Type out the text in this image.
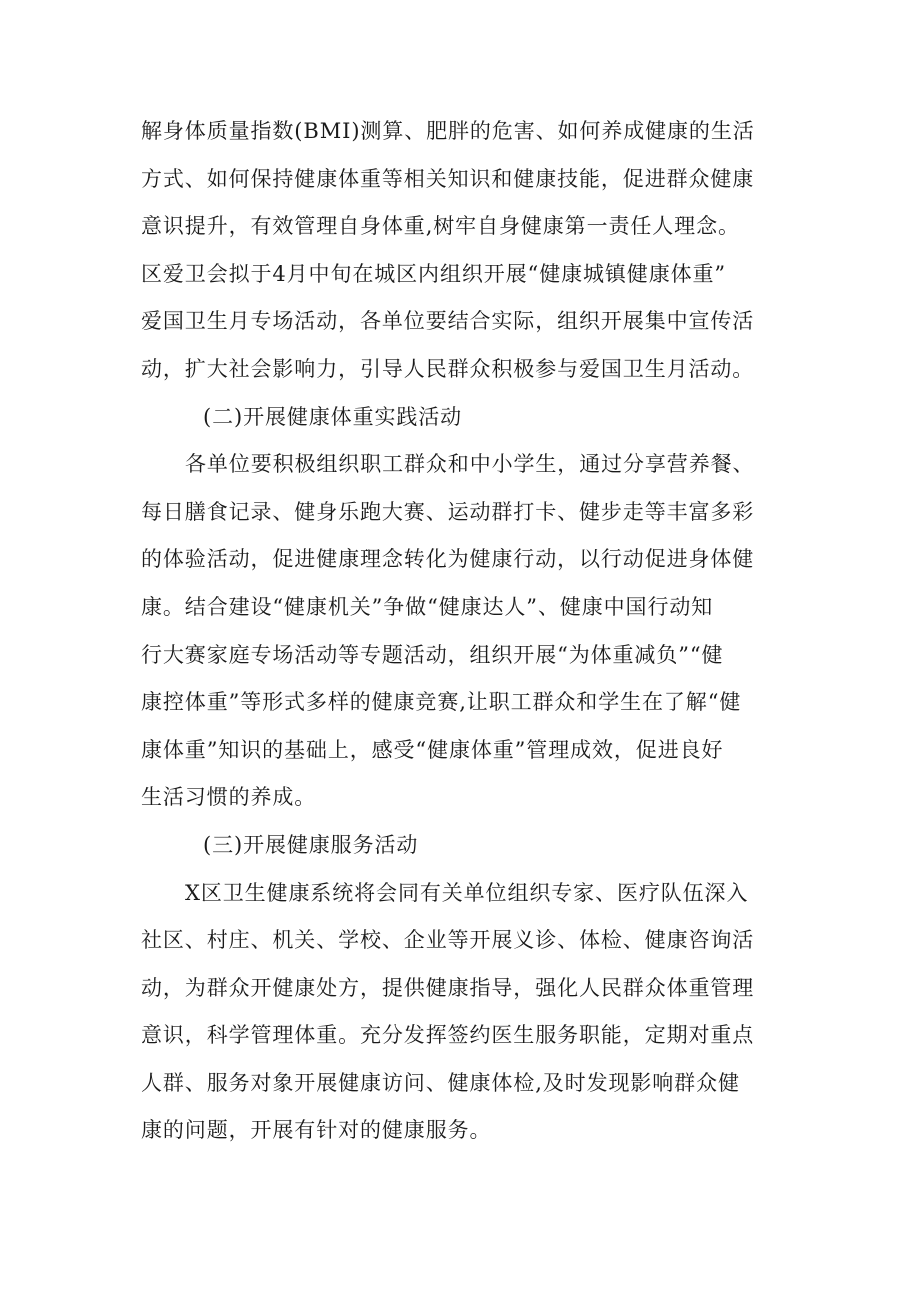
解身体质量指数(BMI)测算、肥胖的危害、如何养成健康的生活
方式、如何保持健康体重等相关知识和健康技能，促进群众健康
意识提升，有效管理自身体重,树牢自身健康第一责任人理念。
区爱卫会拟于4月中旬在城区内组织开展“健康城镇健康体重”
爱国卫生月专场活动，各单位要结合实际，组织开展集中宣传活
动，扩大社会影响力，引导人民群众积极参与爱国卫生月活动。
(二)开展健康体重实践活动
各单位要积极组织职工群众和中小学生，通过分享营养餐、
每日膳食记录、健身乐跑大赛、运动群打卡、健步走等丰富多彩
的体验活动，促进健康理念转化为健康行动，以行动促进身体健
康。结合建设“健康机关”争做“健康达人”、健康中国行动知
行大赛家庭专场活动等专题活动，组织开展“为体重减负”“健
康控体重”等形式多样的健康竞赛,让职工群众和学生在了解“健
康体重”知识的基础上，感受“健康体重”管理成效，促进良好
生活习惯的养成。
(三)开展健康服务活动
X区卫生健康系统将会同有关单位组织专家、医疗队伍深入
社区、村庄、机关、学校、企业等开展义诊、体检、健康咨询活
动，为群众开健康处方，提供健康指导，强化人民群众体重管理
意识，科学管理体重。充分发挥签约医生服务职能，定期对重点
人群、服务对象开展健康访问、健康体检,及时发现影响群众健
康的问题，开展有针对的健康服务。
